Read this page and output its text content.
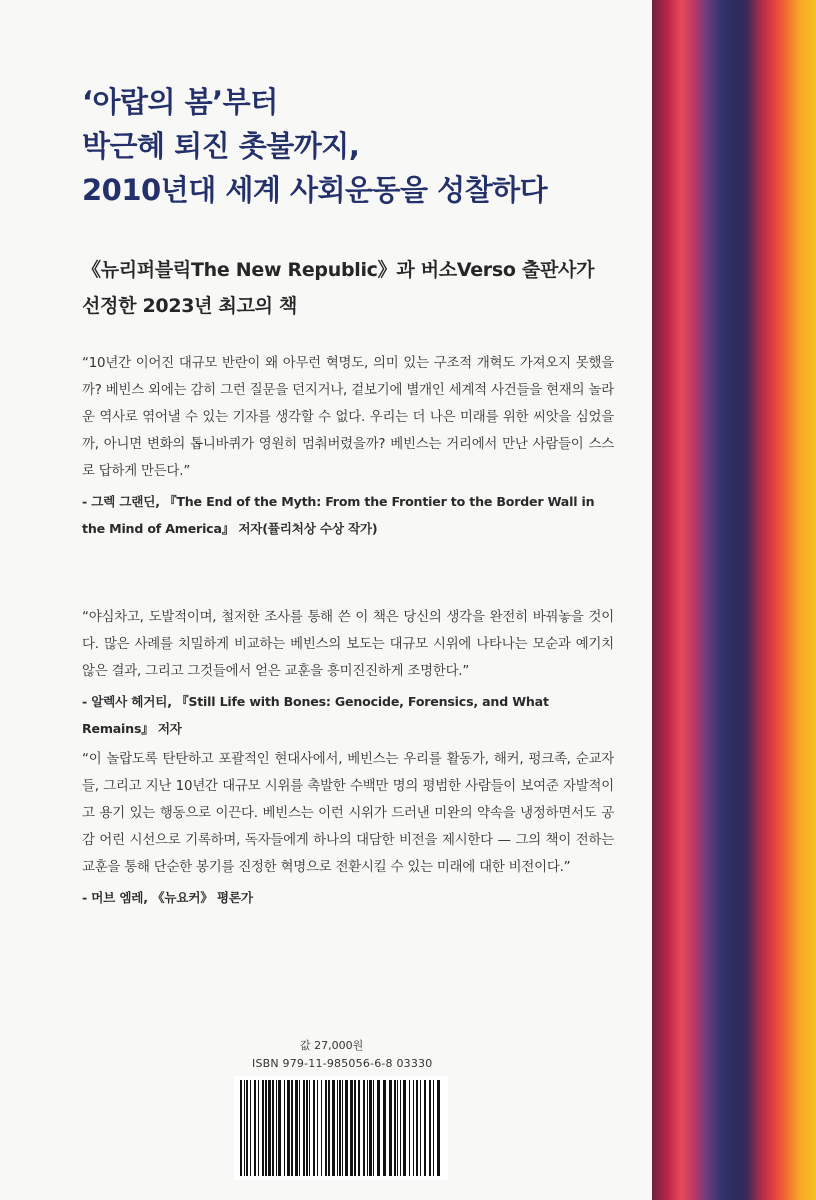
‘아랍의 봄’부터
박근혜 퇴진 촛불까지,
2010년대 세계 사회운동을 성찰하다
《뉴리퍼블릭The New Republic》과 버소Verso 출판사가
선정한 2023년 최고의 책

“10년간 이어진 대규모 반란이 왜 아무런 혁명도, 의미 있는 구조적 개혁도 가져오지 못했을까? 베빈스 외에는 감히 그런 질문을 던지거나, 겉보기에 별개인 세계적 사건들을 현재의 놀라운 역사로 엮어낼 수 있는 기자를 생각할 수 없다. 우리는 더 나은 미래를 위한 씨앗을 심었을까, 아니면 변화의 톱니바퀴가 영원히 멈춰버렸을까? 베빈스는 거리에서 만난 사람들이 스스로 답하게 만든다.”

- 그렉 그랜딘, 『The End of the Myth: From the Frontier to the Border Wall in the Mind of America』 저자(퓰리처상 수상 작가)

“야심차고, 도발적이며, 철저한 조사를 통해 쓴 이 책은 당신의 생각을 완전히 바꿔놓을 것이다. 많은 사례를 치밀하게 비교하는 베빈스의 보도는 대규모 시위에 나타나는 모순과 예기치 않은 결과, 그리고 그것들에서 얻은 교훈을 흥미진진하게 조명한다.”

- 알렉사 헤거티, 『Still Life with Bones: Genocide, Forensics, and What Remains』 저자

“이 놀랍도록 탄탄하고 포괄적인 현대사에서, 베빈스는 우리를 활동가, 해커, 펑크족, 순교자들, 그리고 지난 10년간 대규모 시위를 촉발한 수백만 명의 평범한 사람들이 보여준 자발적이고 용기 있는 행동으로 이끈다. 베빈스는 이런 시위가 드러낸 미완의 약속을 냉정하면서도 공감 어린 시선으로 기록하며, 독자들에게 하나의 대담한 비전을 제시한다 — 그의 책이 전하는 교훈을 통해 단순한 봉기를 진정한 혁명으로 전환시킬 수 있는 미래에 대한 비전이다.”

- 머브 엠레, 《뉴요커》 평론가

값 27,000원
ISBN 979-11-985056-6-8 03330
